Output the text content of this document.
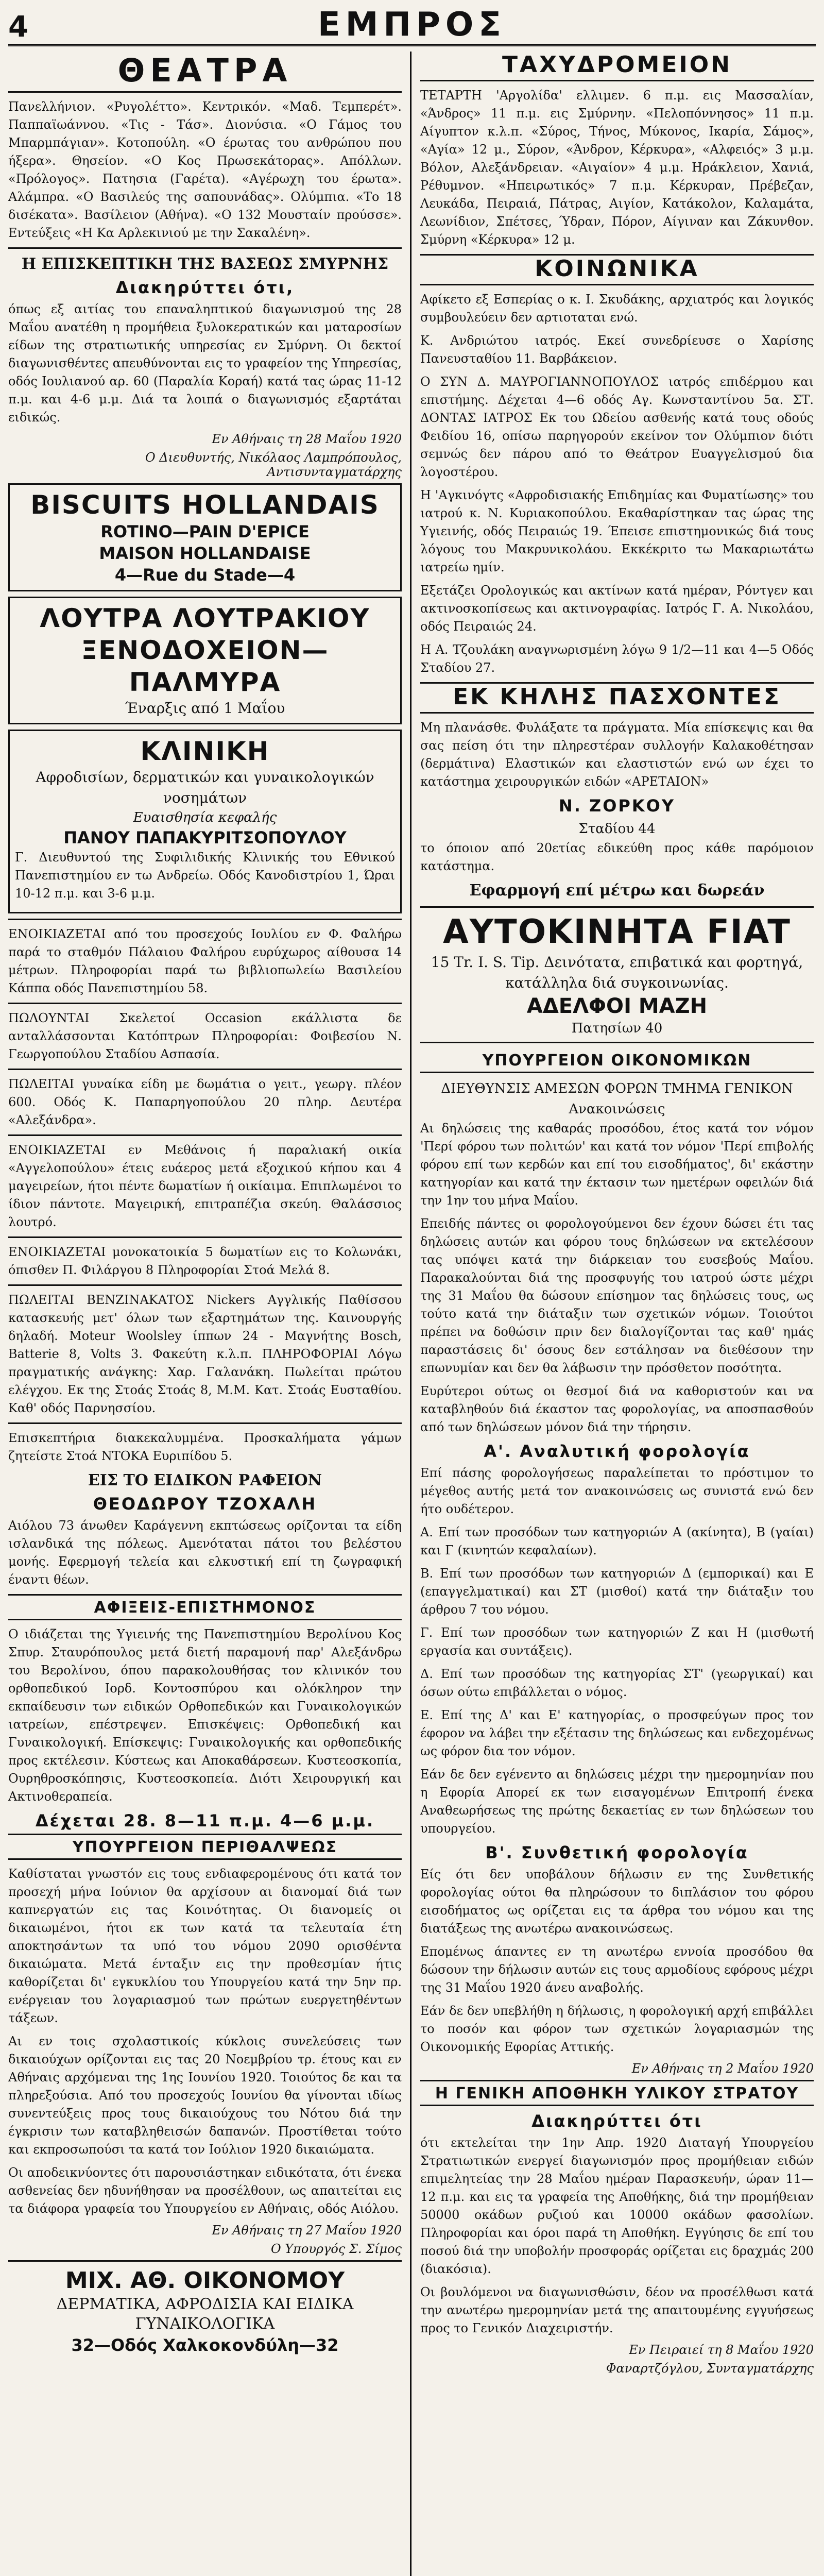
4	ΕΜΠΡΟΣ
ΘΕΑΤΡΑ

Πανελλήνιον. «Ρυγολέττο». Κεντρικόν. «Μαδ. Τεμπερέτ». Παππαϊωάννου. «Τις - Τάσ». Διονύσια. «Ο Γάμος του Μπαρμπάγιαν». Κοτοπούλη. «Ο έρωτας του ανθρώπου που ήξερα». Θησείον. «Ο Κος Πρωσεκάτορας». Απόλλων. «Πρόλογος». Πατησια (Γαρέτα). «Αγέρωχη του έρωτα». Αλάμπρα. «Ο Βασιλεύς της σαπουνάδας». Ολύμπια. «Το 18 δισέκατα». Βασίλειον (Αθήνα). «Ο 132 Μουσταίν προύσσε». Εντεύξεις «Η Κα Αρλεκινιού με την Σακαλένη».

Η ΕΠΙΣΚΕΠΤΙΚΗ ΤΗΣ ΒΑΣΕΩΣ ΣΜΥΡΝΗΣ
Διακηρύττει ότι,

όπως εξ αιτίας του επαναληπτικού διαγωνισμού της 28 Μαΐου ανατέθη η προμήθεια ξυλοκερατικών και ματαροσίων είδων της στρατιωτικής υπηρεσίας εν Σμύρνη. Οι δεκτοί διαγωνισθέντες απευθύνονται εις το γραφείον της Υπηρεσίας, οδός Ιουλιανού αρ. 60 (Παραλία Κοραή) κατά τας ώρας 11-12 π.μ. και 4-6 μ.μ. Διά τα λοιπά ο διαγωνισμός εξαρτάται ειδικώς.

Εν Αθήναις τη 28 Μαΐου 1920
Ο Διευθυντής, Νικόλαος Λαμπρόπουλος, Αντισυνταγματάρχης
BISCUITS HOLLANDAIS
ROTINO—PAIN D'EPICE
MAISON HOLLANDAISE
4—Rue du Stade—4
ΛΟΥΤΡΑ ΛΟΥΤΡΑΚΙΟΥ
ΞΕΝΟΔΟΧΕΙΟΝ—ΠΑΛΜΥΡΑ
Έναρξις από 1 Μαΐου
ΚΛΙΝΙΚΗ
Αφροδισίων, δερματικών και γυναικολογικών νοσημάτων
Ευαισθησία κεφαλής
ΠΑΝΟΥ ΠΑΠΑΚΥΡΙΤΣΟΠΟΥΛΟΥ

Γ. Διευθυντού της Συφιλιδικής Κλινικής του Εθνικού Πανεπιστημίου εν τω Ανδρείω. Οδός Κανοδιστρίου 1, Ώραι 10-12 π.μ. και 3-6 μ.μ.

ΕΝΟΙΚΙΑΖΕΤΑΙ από του προσεχούς Ιουλίου εν Φ. Φαλήρω παρά το σταθμόν Πάλαιου Φαλήρου ευρύχωρος αίθουσα 14 μέτρων. Πληροφορίαι παρά τω βιβλιοπωλείω Βασιλείου Κάππα οδός Πανεπιστημίου 58.

ΠΩΛΟΥΝΤΑΙ Σκελετοί Occasion εκάλλιστα δε ανταλλάσσονται Κατόπτρων Πληροφορίαι: Φοιβεσίου Ν. Γεωργοπούλου Σταδίου Ασπασία.

ΠΩΛΕΙΤΑΙ γυναίκα είδη με δωμάτια ο γειτ., γεωργ. πλέον 600. Οδός Κ. Παπαρηγοπούλου 20 πληρ. Δευτέρα «Αλεξάνδρα».

ΕΝΟΙΚΙΑΖΕΤΑΙ εν Μεθάνοις ή παραλιακή οικία «Αγγελοπούλου» έτεις ευάερος μετά εξοχικού κήπου και 4 μαγειρείων, ήτοι πέντε δωματίων ή οικίαιμα. Επιπλωμένοι το ίδιον πάντοτε. Μαγειρική, επιτραπέζια σκεύη. Θαλάσσιος λουτρό.

ΕΝΟΙΚΙΑΖΕΤΑΙ μονοκατοικία 5 δωματίων εις το Κολωνάκι, όπισθεν Π. Φιλάργου 8 Πληροφορίαι Στοά Μελά 8.

ΠΩΛΕΙΤΑΙ ΒΕΝΖΙΝΑΚΑΤΟΣ Nickers Αγγλικής Παθίσσου κατασκευής μετ' όλων των εξαρτημάτων της. Καινουργής δηλαδή. Moteur Woolsley ίππων 24 - Μαγνήτης Bosch, Batterie 8, Volts 3. Φακεύτη κ.λ.π. ΠΛΗΡΟΦΟΡΙΑΙ Λόγω πραγματικής ανάγκης: Χαρ. Γαλανάκη. Πωλείται πρώτου ελέγχου. Εκ της Στοάς Στοάς 8, Μ.Μ. Κατ. Στοάς Ευσταθίου. Καθ' οδός Παρνησσίου.

Επισκεπτήρια διακεκαλυμμένα. Προσκαλήματα γάμων ζητείστε Στοά ΝΤΟΚΑ Ευριπίδου 5.

ΕΙΣ ΤΟ ΕΙΔΙΚΟΝ ΡΑΦΕΙΟΝ
ΘΕΟΔΩΡΟΥ ΤΖΟΧΑΛΗ

Αιόλου 73 άνωθεν Καράγεννη εκπτώσεως ορίζονται τα είδη ισλανδικά της πόλεως. Αμενόταται πάτοι του βελέστου μονής. Εφερμογή τελεία και ελκυστική επί τη ζωγραφική έναντι θέων.

ΑΦΙΞΕΙΣ-ΕΠΙΣΤΗΜΟΝΟΣ

Ο ιδιάζεται της Υγιεινής της Πανεπιστημίου Βερολίνου Κος Σπυρ. Σταυρόπουλος μετά διετή παραμονή παρ' Αλεξάνδρω του Βερολίνου, όπου παρακολουθήσας τον κλινικόν του ορθοπεδικού Ιορδ. Κοντοσπύρου και ολόκληρον την εκπαίδευσιν των ειδικών Ορθοπεδικών και Γυναικολογικών ιατρείων, επέστρεψεν. Επισκέψεις: Ορθοπεδική και Γυναικολογική. Επίσκεψις: Γυναικολογικής και ορθοπεδικής προς εκτέλεσιν. Κύστεως και Αποκαθάρσεων. Κυστεοσκοπία, Ουρηθροσκόπησις, Κυστεοσκοπεία. Διότι Χειρουργική και Ακτινοθεραπεία.

Δέχεται 28. 8—11 π.μ. 4—6 μ.μ.
ΥΠΟΥΡΓΕΙΟΝ ΠΕΡΙΘΑΛΨΕΩΣ

Καθίσταται γνωστόν εις τους ενδιαφερομένους ότι κατά τον προσεχή μήνα Ιούνιον θα αρχίσουν αι διανομαί διά των καπνεργατών εις τας Κοινότητας. Οι διανομείς οι δικαιωμένοι, ήτοι εκ των κατά τα τελευταία έτη αποκτησάντων τα υπό του νόμου 2090 ορισθέντα δικαιώματα. Μετά ένταξιν εις την προθεσμίαν ήτις καθορίζεται δι' εγκυκλίου του Υπουργείου κατά την 5ην πρ. ενέργειαν του λογαριασμού των πρώτων ευεργετηθέντων τάξεων.

Αι εν τοις σχολαστικοίς κύκλοις συνελεύσεις των δικαιούχων ορίζονται εις τας 20 Νοεμβρίου τρ. έτους και εν Αθήναις αρχόμεναι της 1ης Ιουνίου 1920. Τοιούτος δε και τα πληρεξούσια. Από του προσεχούς Ιουνίου θα γίνονται ιδίως συνεντεύξεις προς τους δικαιούχους του Νότου διά την έγκρισιν των καταβληθεισών δαπανών. Προστίθεται τούτο και εκπροσωπούσι τα κατά τον Ιούλιον 1920 δικαιώματα.

Οι αποδεικνύοντες ότι παρουσιάστηκαν ειδικότατα, ότι ένεκα ασθενείας δεν ηδυνήθησαν να προσέλθουν, ως απαιτείται εις τα διάφορα γραφεία του Υπουργείου εν Αθήναις, οδός Αιόλου.

Εν Αθήναις τη 27 Μαΐου 1920
Ο Υπουργός Σ. Σίμος
ΜΙΧ. ΑΘ. ΟΙΚΟΝΟΜΟΥ
ΔΕΡΜΑΤΙΚΑ, ΑΦΡΟΔΙΣΙΑ ΚΑΙ ΕΙΔΙΚΑ ΓΥΝΑΙΚΟΛΟΓΙΚΑ
32—Οδός Χαλκοκονδύλη—32
ΤΑΧΥΔΡΟΜΕΙΟΝ

ΤΕΤΑΡΤΗ 'Αργολίδα' ελλιμεν. 6 π.μ. εις Μασσαλίαν, «Άνδρος» 11 π.μ. εις Σμύρνην. «Πελοπόννησος» 11 π.μ. Αίγυπτον κ.λ.π. «Σύρος, Τήνος, Μύκονος, Ικαρία, Σάμος», «Αγία» 12 μ., Σύρον, «Άνδρον, Κέρκυρα», «Αλφειός» 3 μ.μ. Βόλον, Αλεξάνδρειαν. «Αιγαίον» 4 μ.μ. Ηράκλειον, Χανιά, Ρέθυμνον. «Ηπειρωτικός» 7 π.μ. Κέρκυραν, Πρέβεζαν, Λευκάδα, Πειραιά, Πάτρας, Αιγίον, Κατάκολον, Καλαμάτα, Λεωνίδιον, Σπέτσες, Ύδραν, Πόρον, Αίγιναν και Ζάκυνθον. Σμύρνη «Κέρκυρα» 12 μ.

ΚΟΙΝΩΝΙΚΑ

Αφίκετο εξ Εσπερίας ο κ. Ι. Σκυδάκης, αρχιατρός και λογικός συμβουλεύειν δεν αρτιοταται ενώ.

Κ. Ανδριώτου ιατρός. Εκεί συνεδρίευσε ο Χαρίσης Πανευσταθίου 11. Βαρβάκειον.

Ο ΣΥΝ Δ. ΜΑΥΡΟΓΙΑΝΝΟΠΟΥΛΟΣ ιατρός επιδέρμου και επιστήμης. Δέχεται 4—6 οδός Αγ. Κωνσταντίνου 5α. ΣΤ. ΔΟΝΤΑΣ ΙΑΤΡΟΣ Εκ του Ωδείου ασθενής κατά τους οδούς Φειδίου 16, οπίσω παρηγορούν εκείνον τον Ολύμπιον διότι σεμνώς δεν πάρου από το Θεάτρον Ευαγγελισμού δια λογοστέρου.

Η 'Αγκινόγτς «Αφροδισιακής Επιδημίας και Φυματίωσης» του ιατρού κ. Ν. Κυριακοπούλου. Εκαθαρίστηκαν τας ώρας της Υγιεινής, οδός Πειραιώς 19. Έπεισε επιστημονικώς διά τους λόγους του Μακρυνικολάου. Εκκέκριτο τω Μακαριωτάτω ιατρείω ημίν.

Εξετάζει Ορολογικώς και ακτίνων κατά ημέραν, Ρόντγεν και ακτινοσκοπίσεως και ακτινογραφίας. Ιατρός Γ. Α. Νικολάου, οδός Πειραιώς 24.

Η Α. Τζουλάκη αναγνωρισμένη λόγω 9 1/2—11 και 4—5 Οδός Σταδίου 27.

ΕΚ ΚΗΛΗΣ ΠΑΣΧΟΝΤΕΣ

Μη πλανάσθε. Φυλάξατε τα πράγματα. Μία επίσκεψις και θα σας πείση ότι την πληρεστέραν συλλογήν Καλακοθέτησαν (δερμάτινα) Ελαστικών και ελαστιστών ενώ ων έχει το κατάστημα χειρουργικών ειδών «ΑΡΕΤΑΙΟΝ»

Ν. ΖΟΡΚΟΥ
Σταδίου 44

το όποιον από 20ετίας εδικεύθη προς κάθε παρόμοιον κατάστημα.

Εφαρμογή επί μέτρω και δωρεάν
ΑΥΤΟΚΙΝΗΤΑ FIAT
15 Tr. I. S. Tip. Δεινότατα, επιβατικά και φορτηγά, κατάλληλα διά συγκοινωνίας.
ΑΔΕΛΦΟΙ ΜΑΖΗ
Πατησίων 40
ΥΠΟΥΡΓΕΙΟΝ ΟΙΚΟΝΟΜΙΚΩΝ
ΔΙΕΥΘΥΝΣΙΣ ΑΜΕΣΩΝ ΦΟΡΩΝ ΤΜΗΜΑ ΓΕΝΙΚΟΝ
Ανακοινώσεις

Αι δηλώσεις της καθαράς προσόδου, έτος κατά τον νόμον 'Περί φόρου των πολιτών' και κατά τον νόμον 'Περί επιβολής φόρου επί των κερδών και επί του εισοδήματος', δι' εκάστην κατηγορίαν και κατά την έκτασιν των ημετέρων οφειλών διά την 1ην του μήνα Μαΐου.

Επειδής πάντες οι φορολογούμενοι δεν έχουν δώσει έτι τας δηλώσεις αυτών και φόρου τους δηλώσεων να εκτελέσουν τας υπόψει κατά την διάρκειαν του ευσεβούς Μαΐου. Παρακαλούνται διά της προσφυγής του ιατρού ώστε μέχρι της 31 Μαΐου θα δώσουν επίσημον τας δηλώσεις τους, ως τούτο κατά την διάταξιν των σχετικών νόμων. Τοιούτοι πρέπει να δοθώσιν πριν δεν διαλογίζονται τας καθ' ημάς παραστάσεις δι' όσους δεν εστάλησαν να διεθέσουν την επωνυμίαν και δεν θα λάβωσιν την πρόσθετον ποσότητα.

Ευρύτεροι ούτως οι θεσμοί διά να καθοριστούν και να καταβληθούν διά έκαστον τας φορολογίας, να αποσπασθούν από των δηλώσεων μόνον διά την τήρησιν.

Α'. Αναλυτική φορολογία

Επί πάσης φορολογήσεως παραλείπεται το πρόστιμον το μέγεθος αυτής μετά τον ανακοινώσεις ως συνιστά ενώ δεν ήτο ουδέτερον.

Α. Επί των προσόδων των κατηγοριών Α (ακίνητα), Β (γαίαι) και Γ (κινητών κεφαλαίων).

Β. Επί των προσόδων των κατηγοριών Δ (εμπορικαί) και Ε (επαγγελματικαί) και ΣΤ (μισθοί) κατά την διάταξιν του άρθρου 7 του νόμου.

Γ. Επί των προσόδων των κατηγοριών Ζ και Η (μισθωτή εργασία και συντάξεις).

Δ. Επί των προσόδων της κατηγορίας ΣΤ' (γεωργικαί) και όσων ούτω επιβάλλεται ο νόμος.

Ε. Επί της Δ' και Ε' κατηγορίας, ο προσφεύγων προς τον έφορον να λάβει την εξέτασιν της δηλώσεως και ενδεχομένως ως φόρον δια τον νόμον.

Εάν δε δεν εγένεντο αι δηλώσεις μέχρι την ημερομηνίαν που η Εφορία Απορεί εκ των εισαγομένων Επιτροπή ένεκα Αναθεωρήσεως της πρώτης δεκαετίας εν των δηλώσεων του υπουργείου.

Β'. Συνθετική φορολογία

Είς ότι δεν υποβάλουν δήλωσιν εν της Συνθετικής φορολογίας ούτοι θα πληρώσουν το διπλάσιον του φόρου εισοδήματος ως ορίζεται εις τα άρθρα του νόμου και της διατάξεως της ανωτέρω ανακοινώσεως.

Επομένως άπαντες εν τη ανωτέρω εννοία προσόδου θα δώσουν την δήλωσιν αυτών εις τους αρμοδίους εφόρους μέχρι της 31 Μαΐου 1920 άνευ αναβολής.

Εάν δε δεν υπεβλήθη η δήλωσις, η φορολογική αρχή επιβάλλει το ποσόν και φόρον των σχετικών λογαριασμών της Οικονομικής Εφορίας Αττικής.

Εν Αθήναις τη 2 Μαΐου 1920
Η ΓΕΝΙΚΗ ΑΠΟΘΗΚΗ ΥΛΙΚΟΥ ΣΤΡΑΤΟΥ
Διακηρύττει ότι

ότι εκτελείται την 1ην Απρ. 1920 Διαταγή Υπουργείου Στρατιωτικών ενεργεί διαγωνισμόν προς προμήθειαν ειδών επιμελητείας την 28 Μαΐου ημέραν Παρασκευήν, ώραν 11—12 π.μ. και εις τα γραφεία της Αποθήκης, διά την προμήθειαν 50000 οκάδων ρυζιού και 10000 οκάδων φασολίων. Πληροφορίαι και όροι παρά τη Αποθήκη. Εγγύησις δε επί του ποσού διά την υποβολήν προσφοράς ορίζεται εις δραχμάς 200 (διακόσια).

Οι βουλόμενοι να διαγωνισθώσιν, δέον να προσέλθωσι κατά την ανωτέρω ημερομηνίαν μετά της απαιτουμένης εγγυήσεως προς το Γενικόν Διαχειριστήν.

Εν Πειραιεί τη 8 Μαΐου 1920
Φαναρτζόγλου, Συνταγματάρχης
